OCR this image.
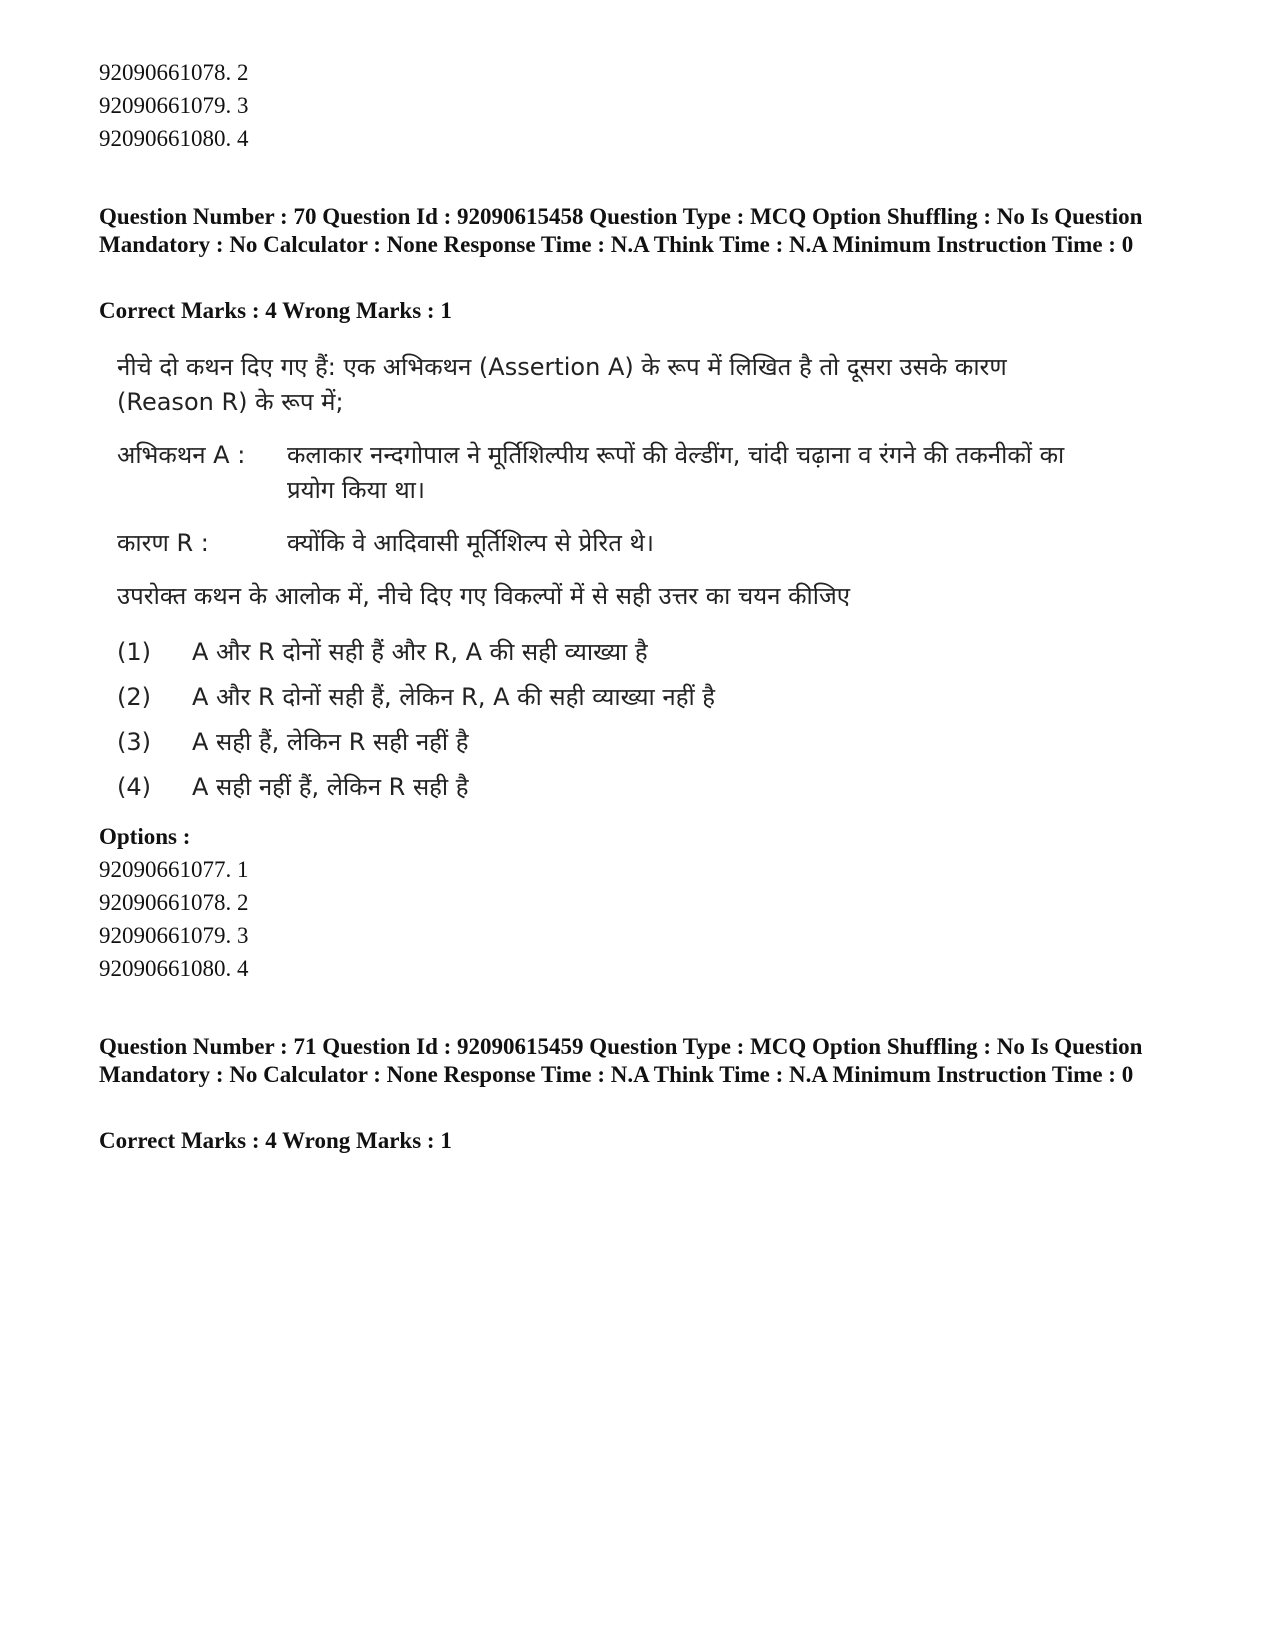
92090661078. 2
92090661079. 3
92090661080. 4
Question Number : 70 Question Id : 92090615458 Question Type : MCQ Option Shuffling : No Is Question Mandatory : No Calculator : None Response Time : N.A Think Time : N.A Minimum Instruction Time : 0
Correct Marks : 4 Wrong Marks : 1
नीचे दो कथन दिए गए हैं: एक अभिकथन (Assertion A) के रूप में लिखित है तो दूसरा उसके कारण (Reason R) के रूप में;
अभिकथन A :	कलाकार नन्दगोपाल ने मूर्तिशिल्पीय रूपों की वेल्डींग, चांदी चढ़ाना व रंगने की तकनीकों का प्रयोग किया था।
कारण R :	क्योंकि वे आदिवासी मूर्तिशिल्प से प्रेरित थे।
उपरोक्त कथन के आलोक में, नीचे दिए गए विकल्पों में से सही उत्तर का चयन कीजिए
(1)	A और R दोनों सही हैं और R, A की सही व्याख्या है
(2)	A और R दोनों सही हैं, लेकिन R, A की सही व्याख्या नहीं है
(3)	A सही हैं, लेकिन R सही नहीं है
(4)	A सही नहीं हैं, लेकिन R सही है
Options :
92090661077. 1
92090661078. 2
92090661079. 3
92090661080. 4
Question Number : 71 Question Id : 92090615459 Question Type : MCQ Option Shuffling : No Is Question Mandatory : No Calculator : None Response Time : N.A Think Time : N.A Minimum Instruction Time : 0
Correct Marks : 4 Wrong Marks : 1
